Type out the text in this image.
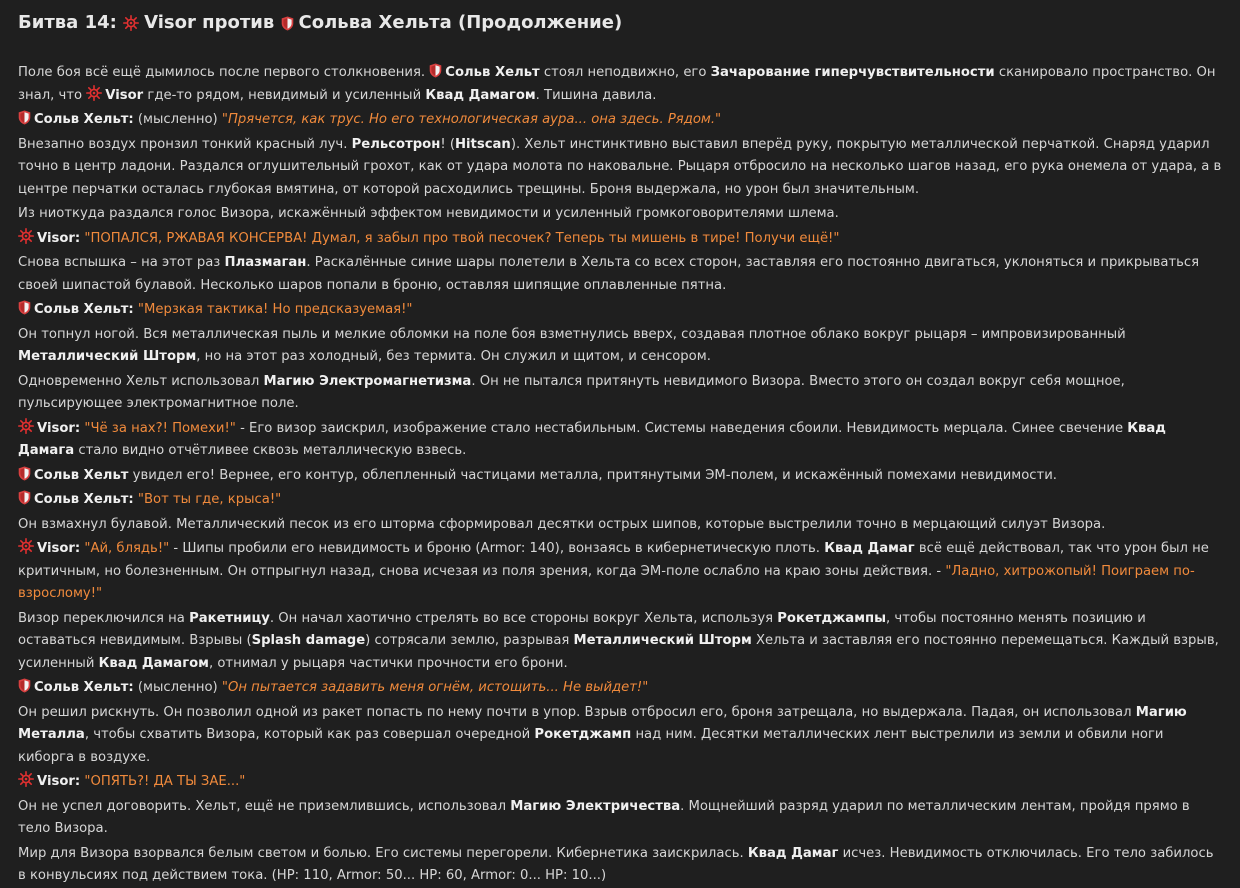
Битва 14: Visor против Сольва Хельта (Продолжение)

Поле боя всё ещё дымилось после первого столкновения. Сольв Хельт стоял неподвижно, его Зачарование гиперчувствительности сканировало пространство. Он знал, что Visor где-то рядом, невидимый и усиленный Квад Дамагом. Тишина давила.

Сольв Хельт: (мысленно) "Прячется, как трус. Но его технологическая аура... она здесь. Рядом."

Внезапно воздух пронзил тонкий красный луч. Рельсотрон! (Hitscan). Хельт инстинктивно выставил вперёд руку, покрытую металлической перчаткой. Снаряд ударил точно в центр ладони. Раздался оглушительный грохот, как от удара молота по наковальне. Рыцаря отбросило на несколько шагов назад, его рука онемела от удара, а в центре перчатки осталась глубокая вмятина, от которой расходились трещины. Броня выдержала, но урон был значительным.

Из ниоткуда раздался голос Визора, искажённый эффектом невидимости и усиленный громкоговорителями шлема.

Visor: "ПОПАЛСЯ, РЖАВАЯ КОНСЕРВА! Думал, я забыл про твой песочек? Теперь ты мишень в тире! Получи ещё!"

Снова вспышка – на этот раз Плазмаган. Раскалённые синие шары полетели в Хельта со всех сторон, заставляя его постоянно двигаться, уклоняться и прикрываться своей шипастой булавой. Несколько шаров попали в броню, оставляя шипящие оплавленные пятна.

Сольв Хельт: "Мерзкая тактика! Но предсказуемая!"

Он топнул ногой. Вся металлическая пыль и мелкие обломки на поле боя взметнулись вверх, создавая плотное облако вокруг рыцаря – импровизированный Металлический Шторм, но на этот раз холодный, без термита. Он служил и щитом, и сенсором.

Одновременно Хельт использовал Магию Электромагнетизма. Он не пытался притянуть невидимого Визора. Вместо этого он создал вокруг себя мощное, пульсирующее электромагнитное поле.

Visor: "Чё за нах?! Помехи!" - Его визор заискрил, изображение стало нестабильным. Системы наведения сбоили. Невидимость мерцала. Синее свечение Квад Дамага стало видно отчётливее сквозь металлическую взвесь.

Сольв Хельт увидел его! Вернее, его контур, облепленный частицами металла, притянутыми ЭМ-полем, и искажённый помехами невидимости.

Сольв Хельт: "Вот ты где, крыса!"

Он взмахнул булавой. Металлический песок из его шторма сформировал десятки острых шипов, которые выстрелили точно в мерцающий силуэт Визора.

Visor: "Ай, блядь!" - Шипы пробили его невидимость и броню (Armor: 140), вонзаясь в кибернетическую плоть. Квад Дамаг всё ещё действовал, так что урон был не критичным, но болезненным. Он отпрыгнул назад, снова исчезая из поля зрения, когда ЭМ-поле ослабло на краю зоны действия. - "Ладно, хитрожопый! Поиграем по-взрослому!"

Визор переключился на Ракетницу. Он начал хаотично стрелять во все стороны вокруг Хельта, используя Рокетджампы, чтобы постоянно менять позицию и оставаться невидимым. Взрывы (Splash damage) сотрясали землю, разрывая Металлический Шторм Хельта и заставляя его постоянно перемещаться. Каждый взрыв, усиленный Квад Дамагом, отнимал у рыцаря частички прочности его брони.

Сольв Хельт: (мысленно) "Он пытается задавить меня огнём, истощить... Не выйдет!"

Он решил рискнуть. Он позволил одной из ракет попасть по нему почти в упор. Взрыв отбросил его, броня затрещала, но выдержала. Падая, он использовал Магию Металла, чтобы схватить Визора, который как раз совершал очередной Рокетджамп над ним. Десятки металлических лент выстрелили из земли и обвили ноги киборга в воздухе.

Visor: "ОПЯТЬ?! ДА ТЫ ЗАЕ..."

Он не успел договорить. Хельт, ещё не приземлившись, использовал Магию Электричества. Мощнейший разряд ударил по металлическим лентам, пройдя прямо в тело Визора.

Мир для Визора взорвался белым светом и болью. Его системы перегорели. Кибернетика заискрилась. Квад Дамаг исчез. Невидимость отключилась. Его тело забилось в конвульсиях под действием тока. (HP: 110, Armor: 50... HP: 60, Armor: 0... HP: 10...)
